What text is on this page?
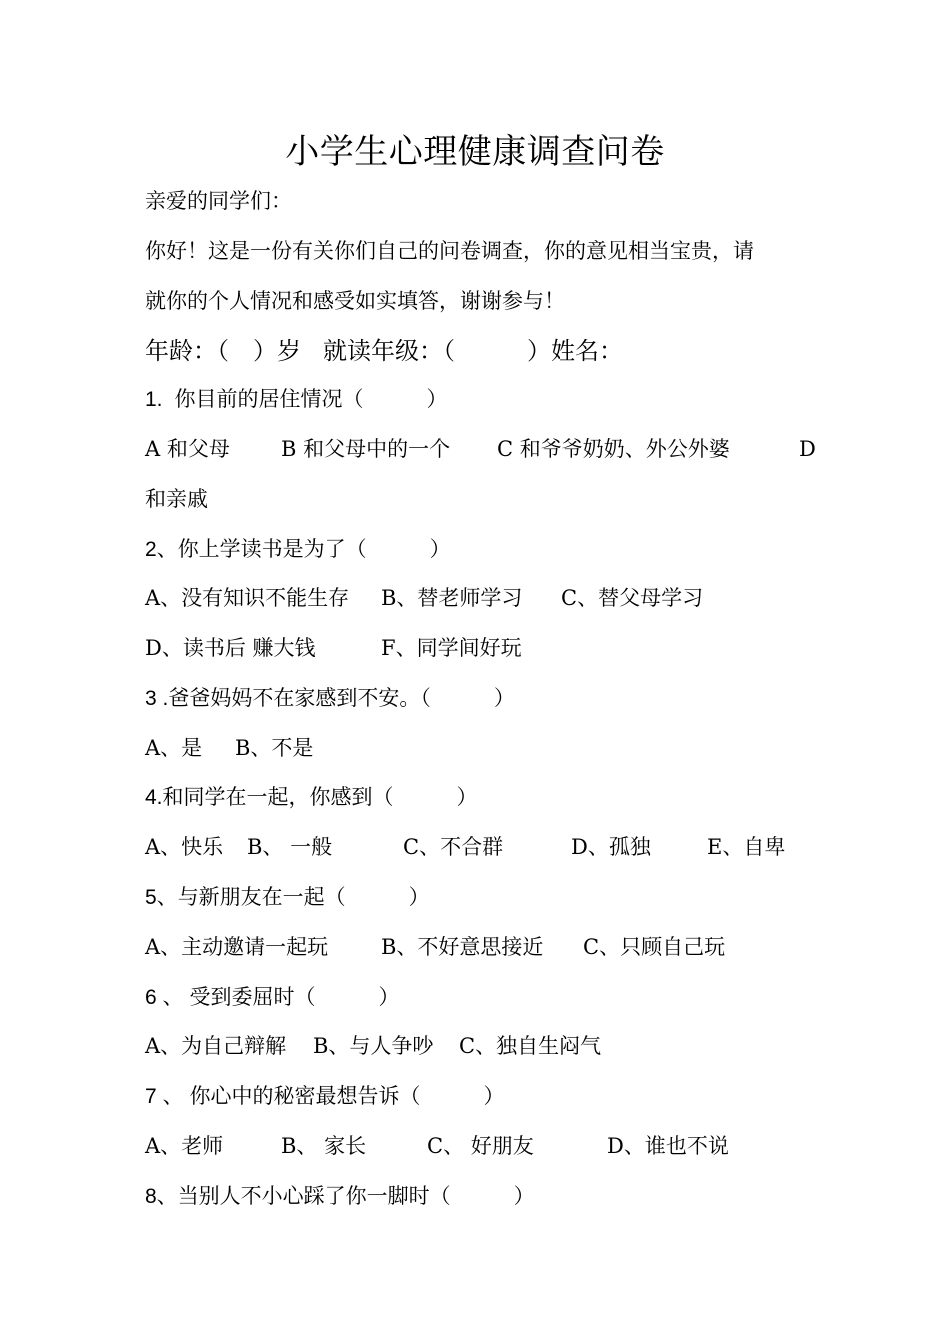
小学生心理健康调查问卷
亲爱的同学们：
你好！这是一份有关你们自己的问卷调查，你的意见相当宝贵，请
就你的个人情况和感受如实填答，谢谢参与！
年龄：（　）岁 就读年级：（　　　）姓名：
1. 你目前的居住情况（　　　）
A 和父母 B 和父母中的一个 C 和爷爷奶奶、外公外婆	D
和亲戚
2、你上学读书是为了（　　　）
A、没有知识不能生存 B、替老师学习 C、替父母学习
D、读书后 赚大钱	F、同学间好玩
3 .爸爸妈妈不在家感到不安。（　　　）
A、是 B、不是
4.和同学在一起，你感到（　　　）
A、快乐 B、 一般	C、不合群	D、孤独	E、自卑
5、与新朋友在一起（　　　）
A、主动邀请一起玩	B、不好意思接近 C、只顾自己玩
6 、 受到委屈时（　　　）
A、为自己辩解 B、与人争吵 C、独自生闷气
7 、 你心中的秘密最想告诉（　　　）
A、老师	B、 家长	C、 好朋友	D、谁也不说
8、当别人不小心踩了你一脚时（　　　）
